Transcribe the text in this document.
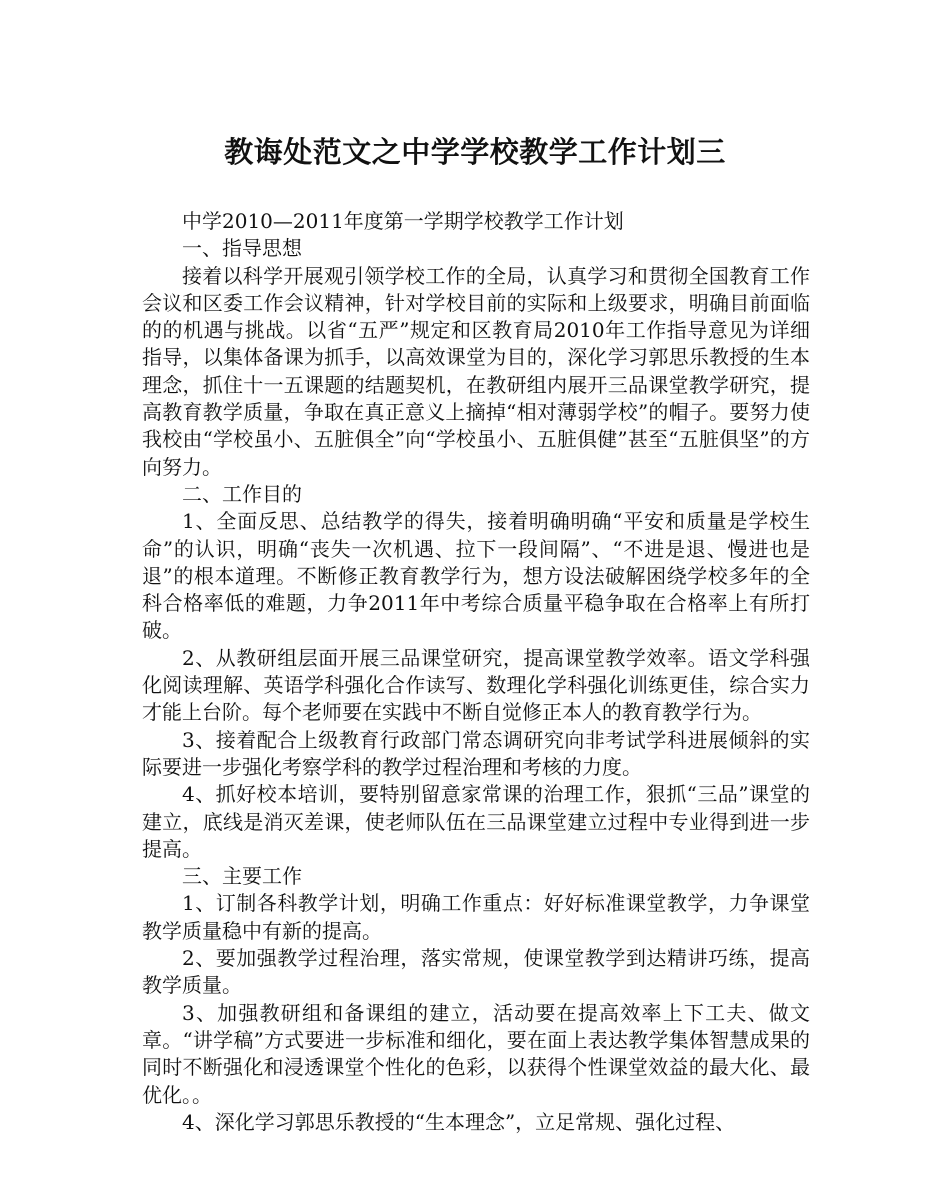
教诲处范文之中学学校教学工作计划三

中学2010—2011年度第一学期学校教学工作计划

一、指导思想

接着以科学开展观引领学校工作的全局，认真学习和贯彻全国教育工作会议和区委工作会议精神，针对学校目前的实际和上级要求，明确目前面临的的机遇与挑战。以省“五严”规定和区教育局2010年工作指导意见为详细指导，以集体备课为抓手，以高效课堂为目的，深化学习郭思乐教授的生本理念，抓住十一五课题的结题契机，在教研组内展开三品课堂教学研究，提高教育教学质量，争取在真正意义上摘掉“相对薄弱学校”的帽子。要努力使我校由“学校虽小、五脏俱全”向“学校虽小、五脏俱健”甚至“五脏俱坚”的方向努力。

二、工作目的

1、全面反思、总结教学的得失，接着明确明确“平安和质量是学校生命”的认识，明确“丧失一次机遇、拉下一段间隔”、“不进是退、慢进也是退”的根本道理。不断修正教育教学行为，想方设法破解困绕学校多年的全科合格率低的难题，力争2011年中考综合质量平稳争取在合格率上有所打破。

2、从教研组层面开展三品课堂研究，提高课堂教学效率。语文学科强化阅读理解、英语学科强化合作读写、数理化学科强化训练更佳，综合实力才能上台阶。每个老师要在实践中不断自觉修正本人的教育教学行为。

3、接着配合上级教育行政部门常态调研究向非考试学科进展倾斜的实际要进一步强化考察学科的教学过程治理和考核的力度。

4、抓好校本培训，要特别留意家常课的治理工作，狠抓“三品”课堂的建立，底线是消灭差课，使老师队伍在三品课堂建立过程中专业得到进一步提高。

三、主要工作

1、订制各科教学计划，明确工作重点：好好标准课堂教学，力争课堂教学质量稳中有新的提高。

2、要加强教学过程治理，落实常规，使课堂教学到达精讲巧练，提高教学质量。

3、加强教研组和备课组的建立，活动要在提高效率上下工夫、做文章。“讲学稿”方式要进一步标准和细化，要在面上表达教学集体智慧成果的同时不断强化和浸透课堂个性化的色彩，以获得个性课堂效益的最大化、最优化。。

4、深化学习郭思乐教授的“生本理念”，立足常规、强化过程、
